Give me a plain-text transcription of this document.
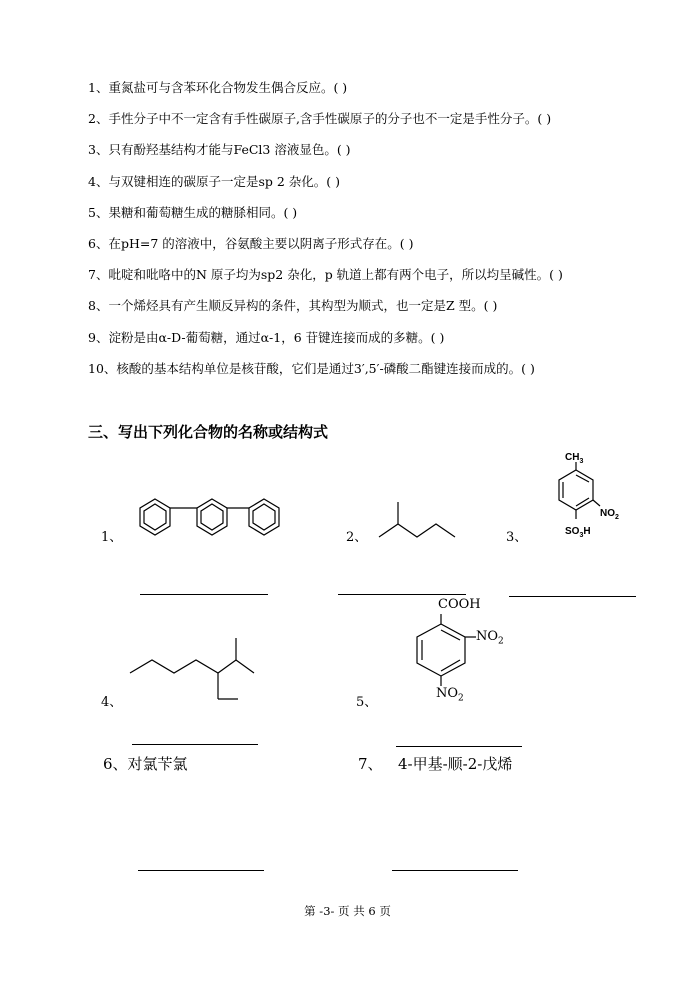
1、重氮盐可与含苯环化合物发生偶合反应。( )
2、手性分子中不一定含有手性碳原子,含手性碳原子的分子也不一定是手性分子。( )
3、只有酚羟基结构才能与FeCl3 溶液显色。( )
4、与双键相连的碳原子一定是sp 2 杂化。( )
5、果糖和葡萄糖生成的糖脎相同。( )
6、在pH=7 的溶液中，谷氨酸主要以阴离子形式存在。( )
7、吡啶和吡咯中的N 原子均为sp2 杂化，p 轨道上都有两个电子，所以均呈碱性。( )
8、一个烯烃具有产生顺反异构的条件，其构型为顺式，也一定是Z 型。( )
9、淀粉是由α-D-葡萄糖，通过α-1，6 苷键连接而成的多糖。( )
10、核酸的基本结构单位是核苷酸，它们是通过3′,5′-磷酸二酯键连接而成的。( )
三、写出下列化合物的名称或结构式
1、	2、	3、
4、	5、
$CH_3$
$NO_2$
$SO_3H$
COOH
$NO_2$
$NO_2$
6、对氯苄氯	7、 4-甲基-顺-2-戊烯
第 -3- 页 共 6 页
